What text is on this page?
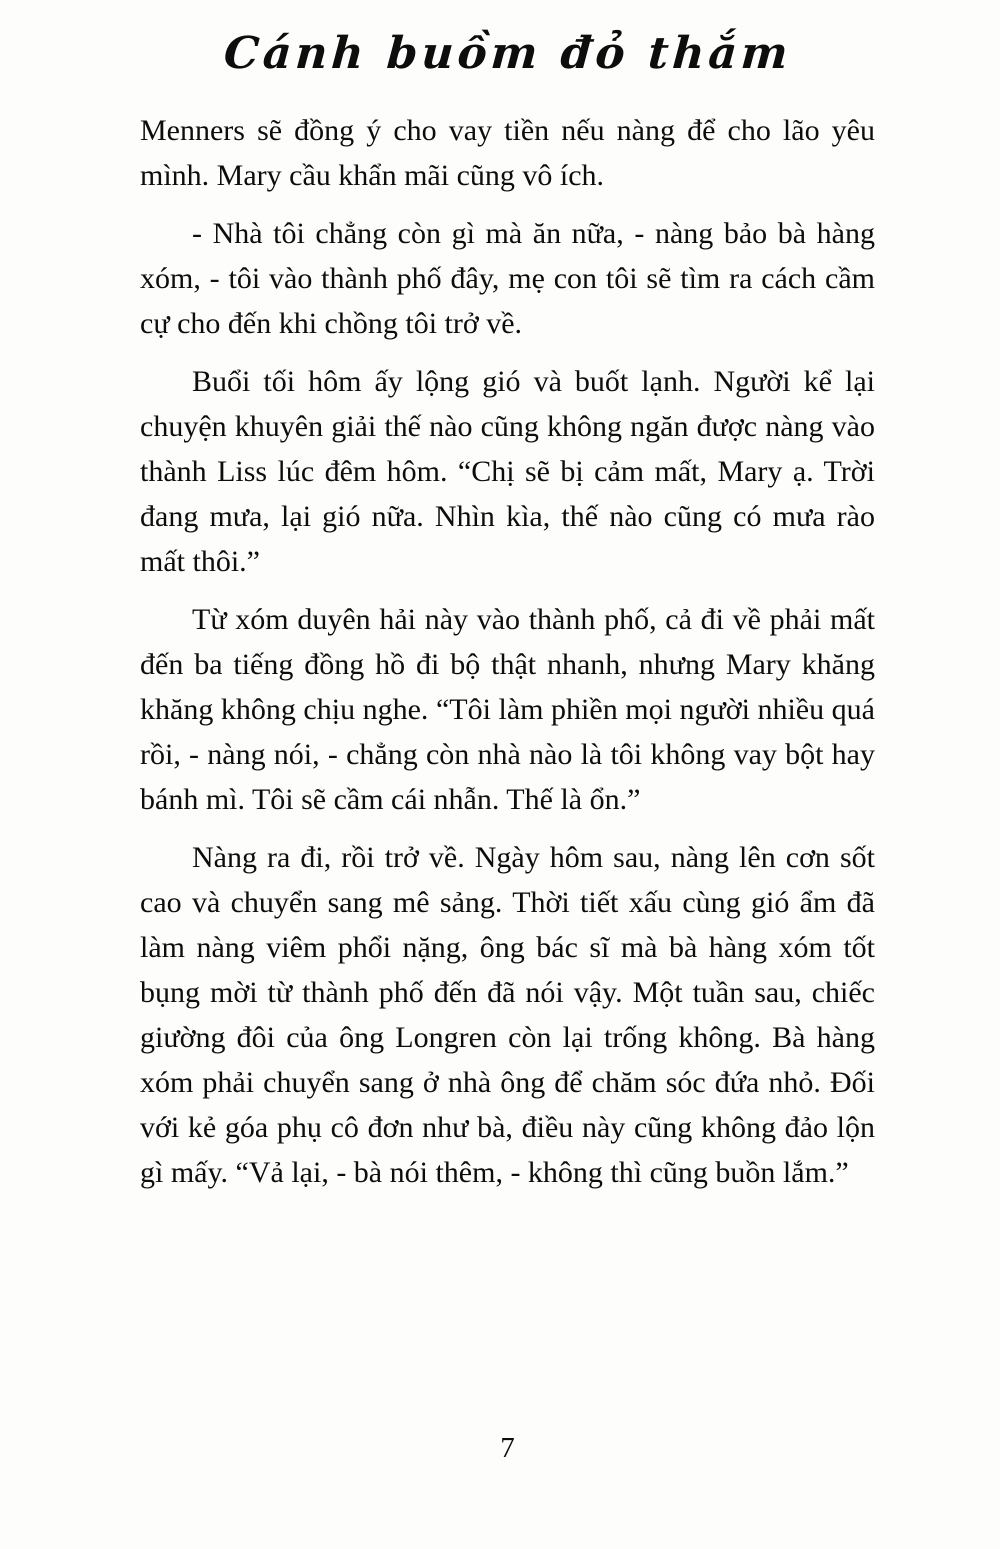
Cánh buồm đỏ thắm

Menners sẽ đồng ý cho vay tiền nếu nàng để cho lão yêu mình. Mary cầu khẩn mãi cũng vô ích.

- Nhà tôi chẳng còn gì mà ăn nữa, - nàng bảo bà hàng xóm, - tôi vào thành phố đây, mẹ con tôi sẽ tìm ra cách cầm cự cho đến khi chồng tôi trở về.

Buổi tối hôm ấy lộng gió và buốt lạnh. Người kể lại chuyện khuyên giải thế nào cũng không ngăn được nàng vào thành Liss lúc đêm hôm. “Chị sẽ bị cảm mất, Mary ạ. Trời đang mưa, lại gió nữa. Nhìn kìa, thế nào cũng có mưa rào mất thôi.”

Từ xóm duyên hải này vào thành phố, cả đi về phải mất đến ba tiếng đồng hồ đi bộ thật nhanh, nhưng Mary khăng khăng không chịu nghe. “Tôi làm phiền mọi người nhiều quá rồi, - nàng nói, - chẳng còn nhà nào là tôi không vay bột hay bánh mì. Tôi sẽ cầm cái nhẫn. Thế là ổn.”

Nàng ra đi, rồi trở về. Ngày hôm sau, nàng lên cơn sốt cao và chuyển sang mê sảng. Thời tiết xấu cùng gió ẩm đã làm nàng viêm phổi nặng, ông bác sĩ mà bà hàng xóm tốt bụng mời từ thành phố đến đã nói vậy. Một tuần sau, chiếc giường đôi của ông Longren còn lại trống không. Bà hàng xóm phải chuyển sang ở nhà ông để chăm sóc đứa nhỏ. Đối với kẻ góa phụ cô đơn như bà, điều này cũng không đảo lộn gì mấy. “Vả lại, - bà nói thêm, - không thì cũng buồn lắm.”

7
